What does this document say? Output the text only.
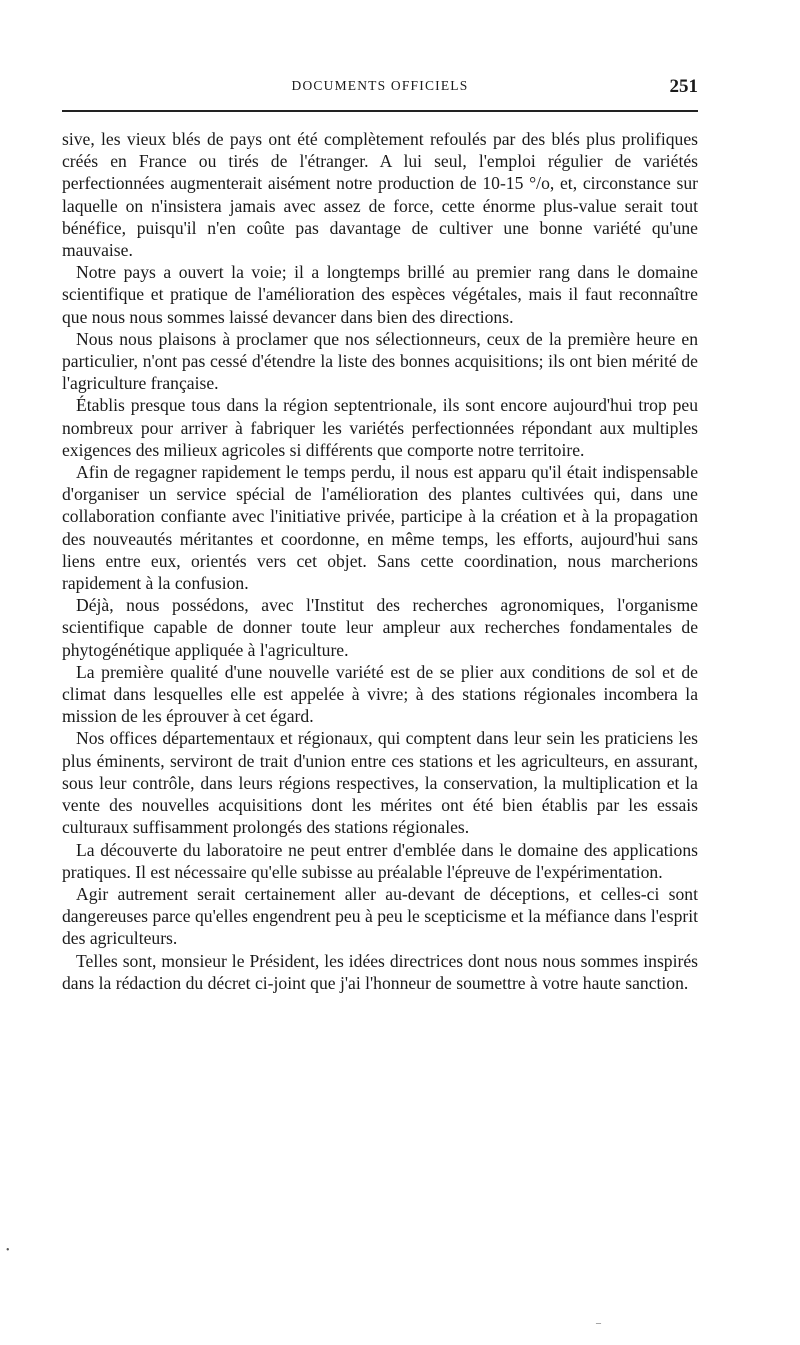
DOCUMENTS OFFICIELS	251

sive, les vieux blés de pays ont été complètement refoulés par des blés plus prolifiques créés en France ou tirés de l'étranger. A lui seul, l'emploi régulier de variétés perfectionnées augmenterait aisément notre production de 10-15 °/o, et, circonstance sur laquelle on n'insistera jamais avec assez de force, cette énorme plus-value serait tout bénéfice, puisqu'il n'en coûte pas davantage de cultiver une bonne variété qu'une mauvaise.

Notre pays a ouvert la voie; il a longtemps brillé au premier rang dans le domaine scientifique et pratique de l'amélioration des espèces végétales, mais il faut reconnaître que nous nous sommes laissé devancer dans bien des directions.

Nous nous plaisons à proclamer que nos sélectionneurs, ceux de la première heure en particulier, n'ont pas cessé d'étendre la liste des bonnes acquisitions; ils ont bien mérité de l'agriculture française.

Établis presque tous dans la région septentrionale, ils sont encore aujourd'hui trop peu nombreux pour arriver à fabriquer les variétés perfectionnées répondant aux multiples exigences des milieux agricoles si différents que comporte notre territoire.

Afin de regagner rapidement le temps perdu, il nous est apparu qu'il était indispensable d'organiser un service spécial de l'amélioration des plantes cultivées qui, dans une collaboration confiante avec l'initiative privée, participe à la création et à la propagation des nouveautés méritantes et coordonne, en même temps, les efforts, aujourd'hui sans liens entre eux, orientés vers cet objet. Sans cette coordination, nous marcherions rapidement à la confusion.

Déjà, nous possédons, avec l'Institut des recherches agronomiques, l'organisme scientifique capable de donner toute leur ampleur aux recherches fondamentales de phytogénétique appliquée à l'agriculture.

La première qualité d'une nouvelle variété est de se plier aux conditions de sol et de climat dans lesquelles elle est appelée à vivre; à des stations régionales incombera la mission de les éprouver à cet égard.

Nos offices départementaux et régionaux, qui comptent dans leur sein les praticiens les plus éminents, serviront de trait d'union entre ces stations et les agriculteurs, en assurant, sous leur contrôle, dans leurs régions respectives, la conservation, la multiplication et la vente des nouvelles acquisitions dont les mérites ont été bien établis par les essais culturaux suffisamment prolongés des stations régionales.

La découverte du laboratoire ne peut entrer d'emblée dans le domaine des applications pratiques. Il est nécessaire qu'elle subisse au préalable l'épreuve de l'expérimentation.

Agir autrement serait certainement aller au-devant de déceptions, et celles-ci sont dangereuses parce qu'elles engendrent peu à peu le scepticisme et la méfiance dans l'esprit des agriculteurs.

Telles sont, monsieur le Président, les idées directrices dont nous nous sommes inspirés dans la rédaction du décret ci-joint que j'ai l'honneur de soumettre à votre haute sanction.

•
–
